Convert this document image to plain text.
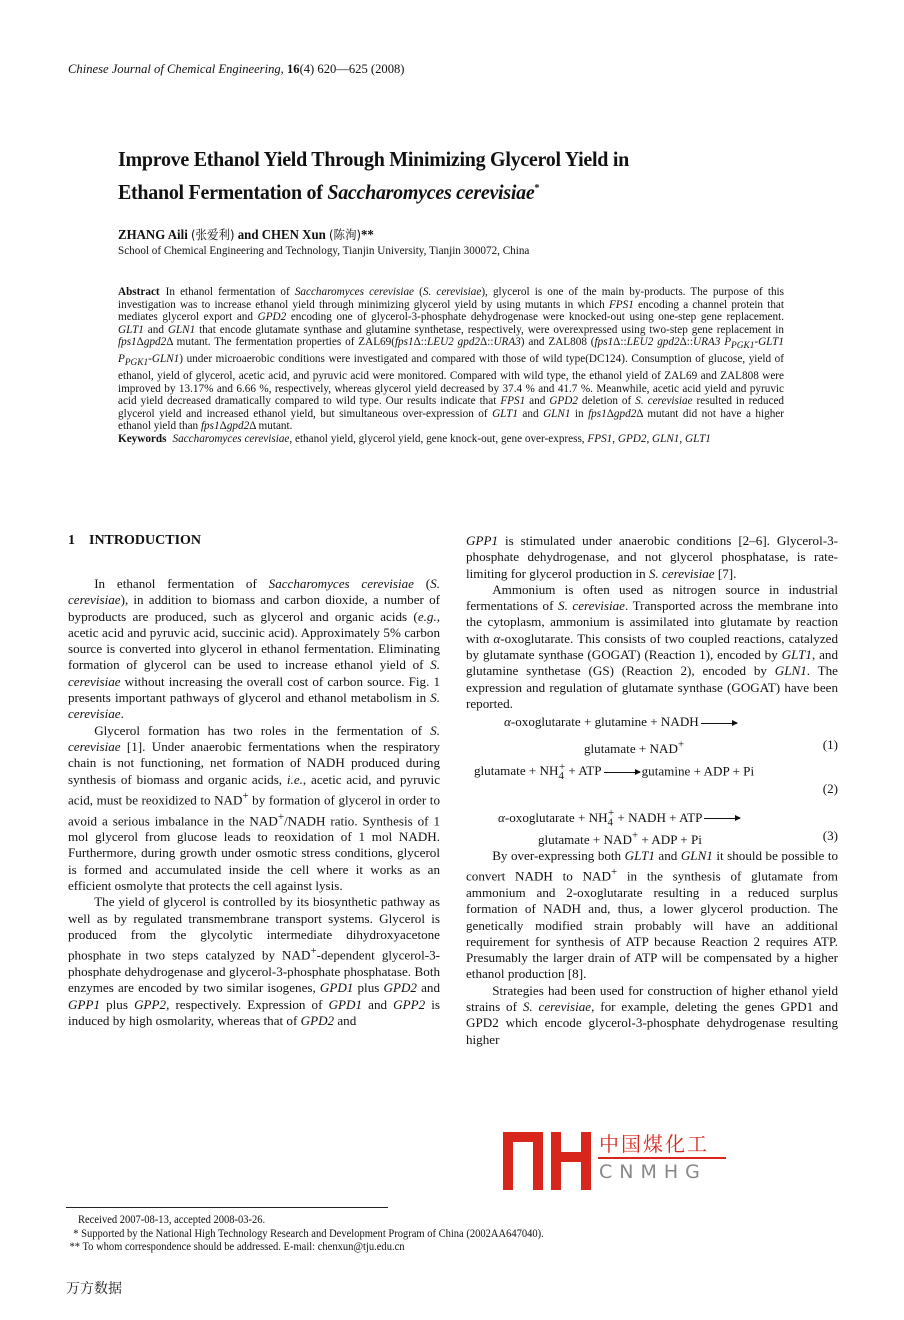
Chinese Journal of Chemical Engineering, 16(4) 620—625 (2008)
Improve Ethanol Yield Through Minimizing Glycerol Yield in
Ethanol Fermentation of Saccharomyces cerevisiae*
ZHANG Aili (张爱利) and CHEN Xun (陈洵)**
School of Chemical Engineering and Technology, Tianjin University, Tianjin 300072, China

Abstract In ethanol fermentation of Saccharomyces cerevisiae (S. cerevisiae), glycerol is one of the main by-products. The purpose of this investigation was to increase ethanol yield through minimizing glycerol yield by using mutants in which FPS1 encoding a channel protein that mediates glycerol export and GPD2 encoding one of glycerol-3-phosphate dehydrogenase were knocked-out using one-step gene replacement. GLT1 and GLN1 that encode glutamate synthase and glutamine synthetase, respectively, were overexpressed using two-step gene replacement in fps1Δgpd2Δ mutant. The fermentation properties of ZAL69(fps1Δ::LEU2 gpd2Δ::URA3) and ZAL808 (fps1Δ::LEU2 gpd2Δ::URA3 $P_{PGK1}-GLT1$ $P_{PGK1}-GLN1$) under microaerobic conditions were investigated and compared with those of wild type(DC124). Consumption of glucose, yield of ethanol, yield of glycerol, acetic acid, and pyruvic acid were monitored. Compared with wild type, the ethanol yield of ZAL69 and ZAL808 were improved by 13.17% and 6.66 %, respectively, whereas glycerol yield decreased by 37.4 % and 41.7 %. Meanwhile, acetic acid yield and pyruvic acid yield decreased dramatically compared to wild type. Our results indicate that FPS1 and GPD2 deletion of S. cerevisiae resulted in reduced glycerol yield and increased ethanol yield, but simultaneous over-expression of GLT1 and GLN1 in fps1Δgpd2Δ mutant did not have a higher ethanol yield than fps1Δgpd2Δ mutant.

Keywords Saccharomyces cerevisiae, ethanol yield, glycerol yield, gene knock-out, gene over-express, FPS1, GPD2, GLN1, GLT1

1 INTRODUCTION

In ethanol fermentation of Saccharomyces cerevisiae (S. cerevisiae), in addition to biomass and carbon dioxide, a number of byproducts are produced, such as glycerol and organic acids (e.g., acetic acid and pyruvic acid, succinic acid). Approximately 5% carbon source is converted into glycerol in ethanol fermentation. Eliminating formation of glycerol can be used to increase ethanol yield of S. cerevisiae without increasing the overall cost of carbon source. Fig. 1 presents important pathways of glycerol and ethanol metabolism in S. cerevisiae.

Glycerol formation has two roles in the fermentation of S. cerevisiae [1]. Under anaerobic fermentations when the respiratory chain is not functioning, net formation of NADH produced during synthesis of biomass and organic acids, i.e., acetic acid, and pyruvic acid, must be reoxidized to NAD+ by formation of glycerol in order to avoid a serious imbalance in the NAD+/NADH ratio. Synthesis of 1 mol glycerol from glucose leads to reoxidation of 1 mol NADH. Furthermore, during growth under osmotic stress conditions, glycerol is formed and accumulated inside the cell where it works as an efficient osmolyte that protects the cell against lysis.

The yield of glycerol is controlled by its biosynthetic pathway as well as by regulated transmembrane transport systems. Glycerol is produced from the glycolytic intermediate dihydroxyacetone phosphate in two steps catalyzed by NAD+-dependent glycerol-3-phosphate dehydrogenase and glycerol-3-phosphate phosphatase. Both enzymes are encoded by two similar isogenes, GPD1 plus GPD2 and GPP1 plus GPP2, respectively. Expression of GPD1 and GPP2 is induced by high osmolarity, whereas that of GPD2 and

GPP1 is stimulated under anaerobic conditions [2–6]. Glycerol-3-phosphate dehydrogenase, and not glycerol phosphatase, is rate-limiting for glycerol production in S. cerevisiae [7].

Ammonium is often used as nitrogen source in industrial fermentations of S. cerevisiae. Transported across the membrane into the cytoplasm, ammonium is assimilated into glutamate by reaction with α-oxoglutarate. This consists of two coupled reactions, catalyzed by glutamate synthase (GOGAT) (Reaction 1), encoded by GLT1, and glutamine synthetase (GS) (Reaction 2), encoded by GLN1. The expression and regulation of glutamate synthase (GOGAT) have been reported.

α-oxoglutarate + glutamine + NADH →
glutamate + NAD+	(1)
glutamate + $NH_4^+$ + ATP → gutamine + ADP + Pi
(2)
α-oxoglutarate + $NH_4^+$ + NADH + ATP →
glutamate + NAD+ + ADP + Pi	(3)

By over-expressing both GLT1 and GLN1 it should be possible to convert NADH to NAD+ in the synthesis of glutamate from ammonium and 2-oxoglutarate resulting in a reduced surplus formation of NADH and, thus, a lower glycerol production. The genetically modified strain probably will have an additional requirement for synthesis of ATP because Reaction 2 requires ATP. Presumably the larger drain of ATP will be compensated by a higher ethanol production [8].

Strategies had been used for construction of higher ethanol yield strains of S. cerevisiae, for example, deleting the genes GPD1 and GPD2 which encode glycerol-3-phosphate dehydrogenase resulting higher

中国煤化工
CNMHG
Received 2007-08-13, accepted 2008-03-26.
* Supported by the National High Technology Research and Development Program of China (2002AA647040).
** To whom correspondence should be addressed. E-mail: chenxun@tju.edu.cn
万方数据
